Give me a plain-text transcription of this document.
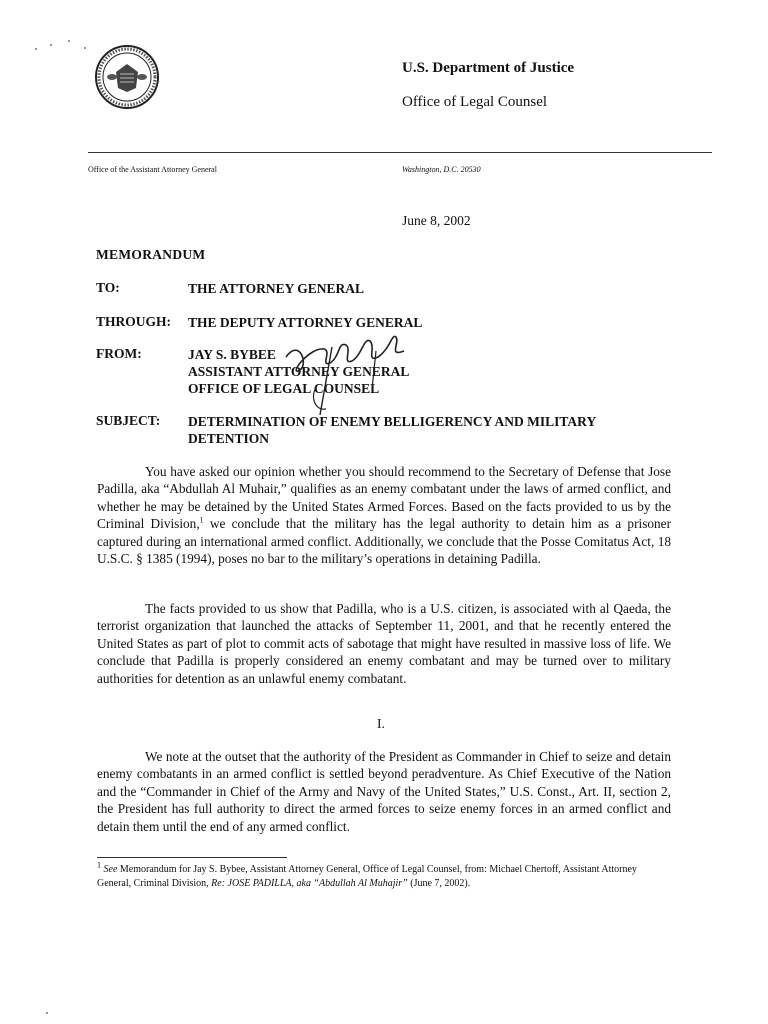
U.S. Department of Justice
Office of Legal Counsel
Office of the Assistant Attorney General	Washington, D.C. 20530
June 8, 2002
MEMORANDUM
TO:	THE ATTORNEY GENERAL
THROUGH: THE DEPUTY ATTORNEY GENERAL
FROM:	JAY S. BYBEE
ASSISTANT ATTORNEY GENERAL
OFFICE OF LEGAL COUNSEL
SUBJECT: DETERMINATION OF ENEMY BELLIGERENCY AND MILITARY DETENTION
You have asked our opinion whether you should recommend to the Secretary of Defense that Jose Padilla, aka “Abdullah Al Muhair,” qualifies as an enemy combatant under the laws of armed conflict, and whether he may be detained by the United States Armed Forces. Based on the facts provided to us by the Criminal Division,$^1$ we conclude that the military has the legal authority to detain him as a prisoner captured during an international armed conflict. Additionally, we conclude that the Posse Comitatus Act, 18 U.S.C. § 1385 (1994), poses no bar to the military’s operations in detaining Padilla.
The facts provided to us show that Padilla, who is a U.S. citizen, is associated with al Qaeda, the terrorist organization that launched the attacks of September 11, 2001, and that he recently entered the United States as part of plot to commit acts of sabotage that might have resulted in massive loss of life. We conclude that Padilla is properly considered an enemy combatant and may be turned over to military authorities for detention as an unlawful enemy combatant.
I.
We note at the outset that the authority of the President as Commander in Chief to seize and detain enemy combatants in an armed conflict is settled beyond peradventure. As Chief Executive of the Nation and the “Commander in Chief of the Army and Navy of the United States,” U.S. Const., Art. II, section 2, the President has full authority to direct the armed forces to seize enemy forces in an armed conflict and detain them until the end of any armed conflict.
$^1$ See Memorandum for Jay S. Bybee, Assistant Attorney General, Office of Legal Counsel, from: Michael Chertoff, Assistant Attorney General, Criminal Division, Re: JOSE PADILLA, aka “Abdullah Al Muhajir” (June 7, 2002).
